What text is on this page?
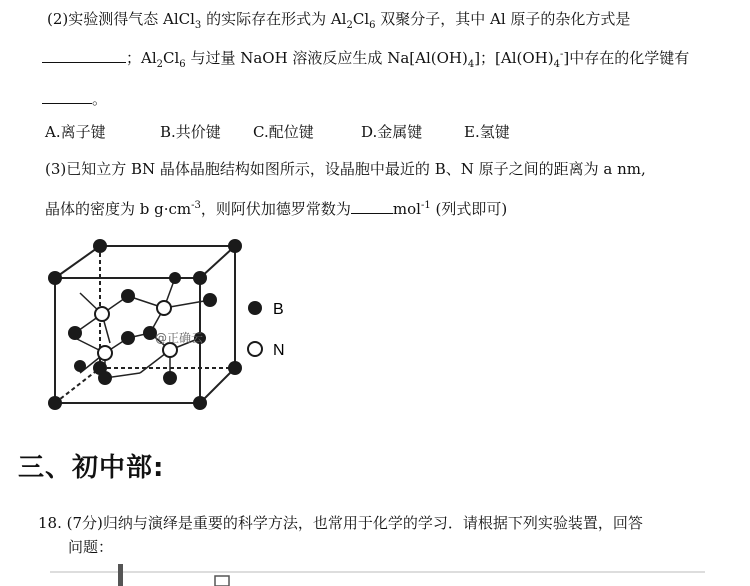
(2)实验测得气态 AlCl$_3$ 的实际存在形式为 $Al_2Cl_6$ 双聚分子，其中 Al 原子的杂化方式是
；$Al_2Cl_6$ 与过量 NaOH 溶液反应生成 $Na[Al(OH)_4]$；$[Al(OH)_4^-]$中存在的化学键有
。
A.离子键	B.共价键 C.配位键	D.金属键	E.氢键
(3)已知立方 BN 晶体晶胞结构如图所示，设晶胞中最近的 B、N 原子之间的距离为 a nm,
晶体的密度为 b $g\cdot cm^{-3}$，则阿伏加德罗常数为	mol$^{-1}$ (列式即可)
B
N
@正确云
三、初中部:
18. (7分)归纳与演绎是重要的科学方法，也常用于化学的学习．请根据下列实验装置，回答
问题：
